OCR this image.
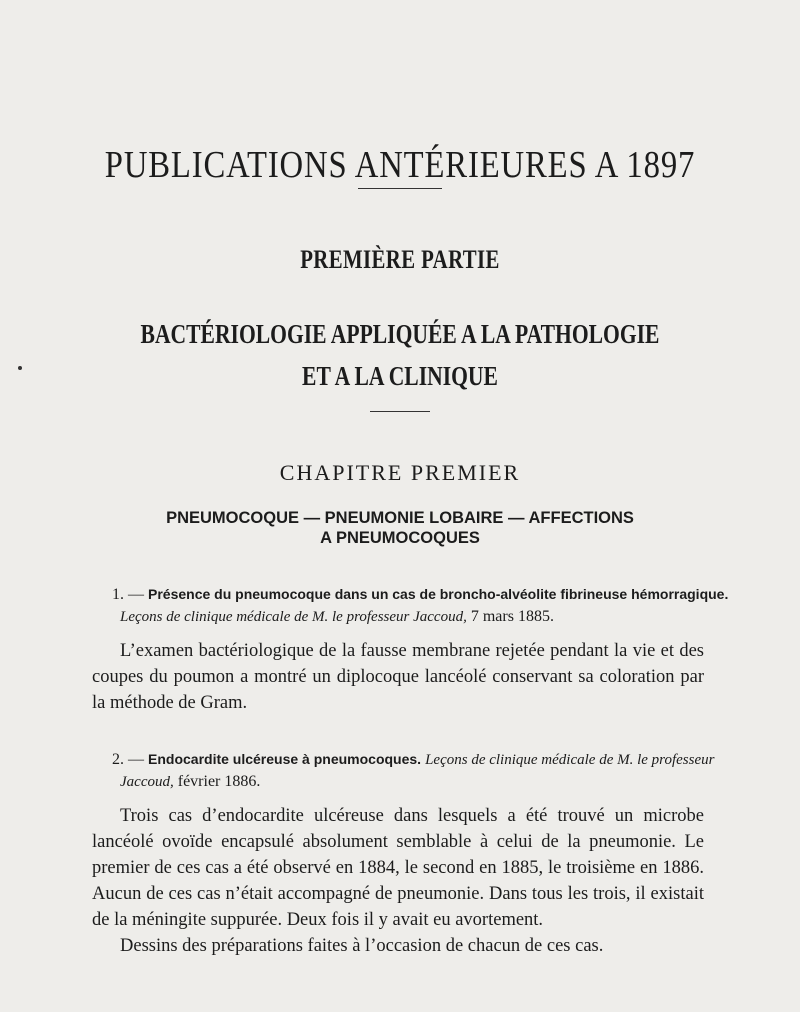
PUBLICATIONS ANTÉRIEURES A 1897
PREMIÈRE PARTIE
BACTÉRIOLOGIE APPLIQUÉE A LA PATHOLOGIE
ET A LA CLINIQUE
CHAPITRE PREMIER
PNEUMOCOQUE — PNEUMONIE LOBAIRE — AFFECTIONS
A PNEUMOCOQUES
1. — Présence du pneumocoque dans un cas de broncho-alvéolite fibrineuse hémorragique. Leçons de clinique médicale de M. le professeur Jaccoud, 7 mars 1885.

L’examen bactériologique de la fausse membrane rejetée pendant la vie et des coupes du poumon a montré un diplocoque lancéolé conservant sa coloration par la méthode de Gram.

2. — Endocardite ulcéreuse à pneumocoques. Leçons de clinique médicale de M. le professeur Jaccoud, février 1886.

Trois cas d’endocardite ulcéreuse dans lesquels a été trouvé un microbe lancéolé ovoïde encapsulé absolument semblable à celui de la pneumonie. Le premier de ces cas a été observé en 1884, le second en 1885, le troisième en 1886. Aucun de ces cas n’était accompagné de pneumonie. Dans tous les trois, il existait de la méningite suppurée. Deux fois il y avait eu avortement.

Dessins des préparations faites à l’occasion de chacun de ces cas.
